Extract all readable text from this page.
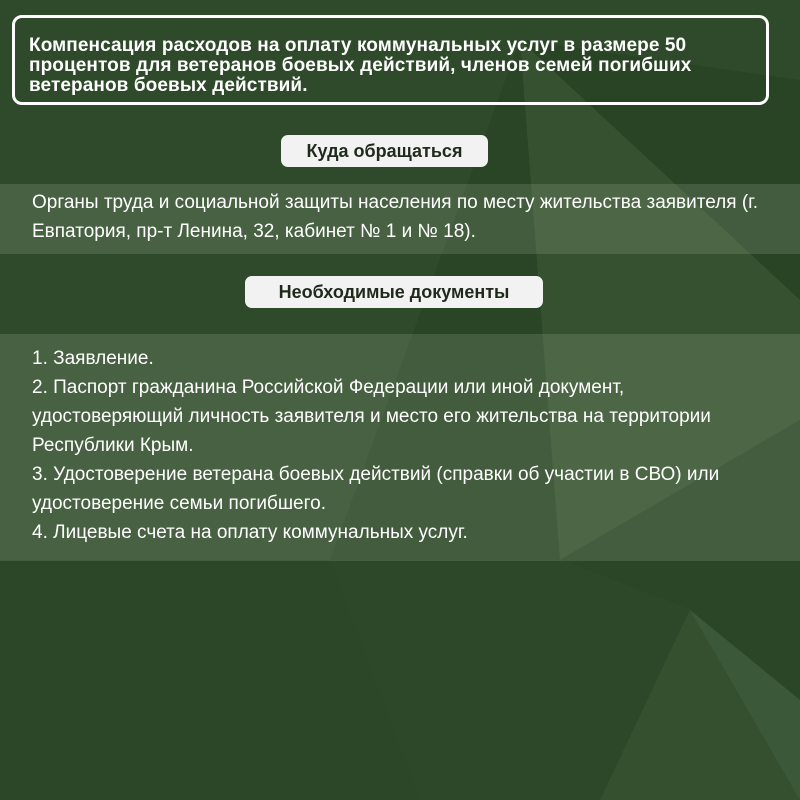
Компенсация расходов на оплату коммунальных услуг в размере 50 процентов для ветеранов боевых действий, членов семей погибших ветеранов боевых действий.
Куда обращаться
Органы труда и социальной защиты населения по месту жительства заявителя (г. Евпатория, пр-т Ленина, 32, кабинет № 1 и № 18).
Необходимые документы
1. Заявление.
2. Паспорт гражданина Российской Федерации или иной документ, удостоверяющий личность заявителя и место его жительства на территории Республики Крым.
3. Удостоверение ветерана боевых действий (справки об участии в СВО) или удостоверение семьи погибшего.
4. Лицевые счета на оплату коммунальных услуг.
